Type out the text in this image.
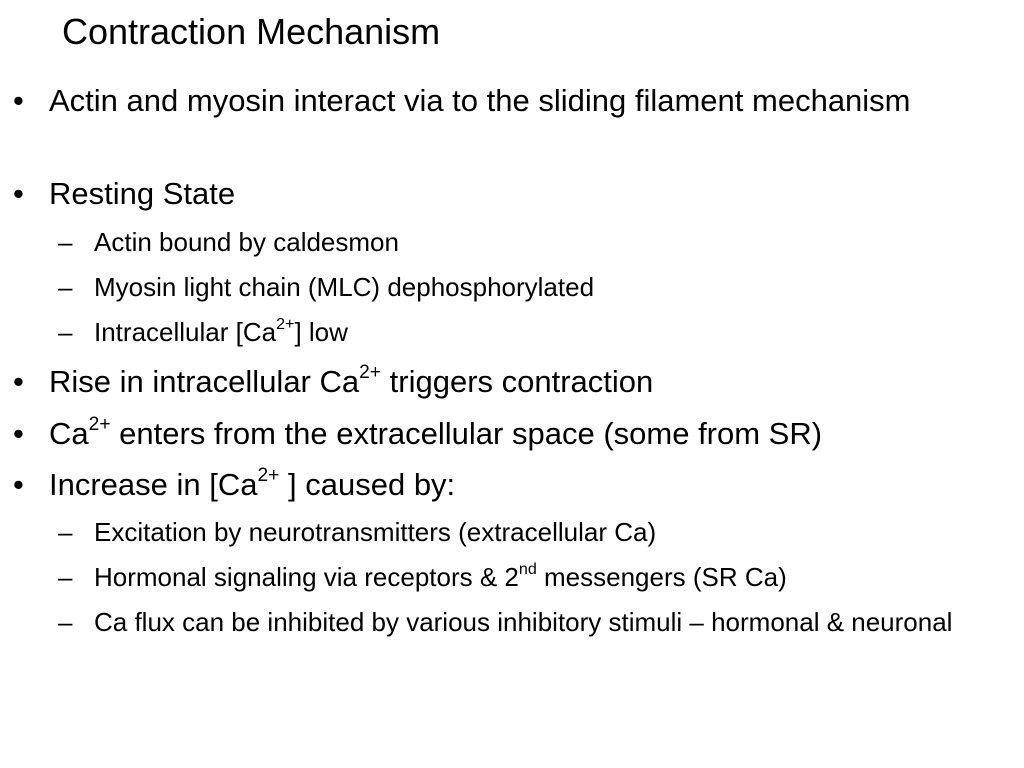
Contraction Mechanism

• Actin and myosin interact via to the sliding filament mechanism

• Resting State

– Actin bound by caldesmon

– Myosin light chain (MLC) dephosphorylated

– Intracellular $[Ca^{2+}]$ low

• Rise in intracellular $Ca^{2+}$ triggers contraction

• $Ca^{2+}$ enters from the extracellular space (some from SR)

• Increase in [$Ca^{2+}$ ] caused by:

– Excitation by neurotransmitters (extracellular Ca)

– Hormonal signaling via receptors & 2nd messengers (SR Ca)

– Ca flux can be inhibited by various inhibitory stimuli – hormonal & neuronal
